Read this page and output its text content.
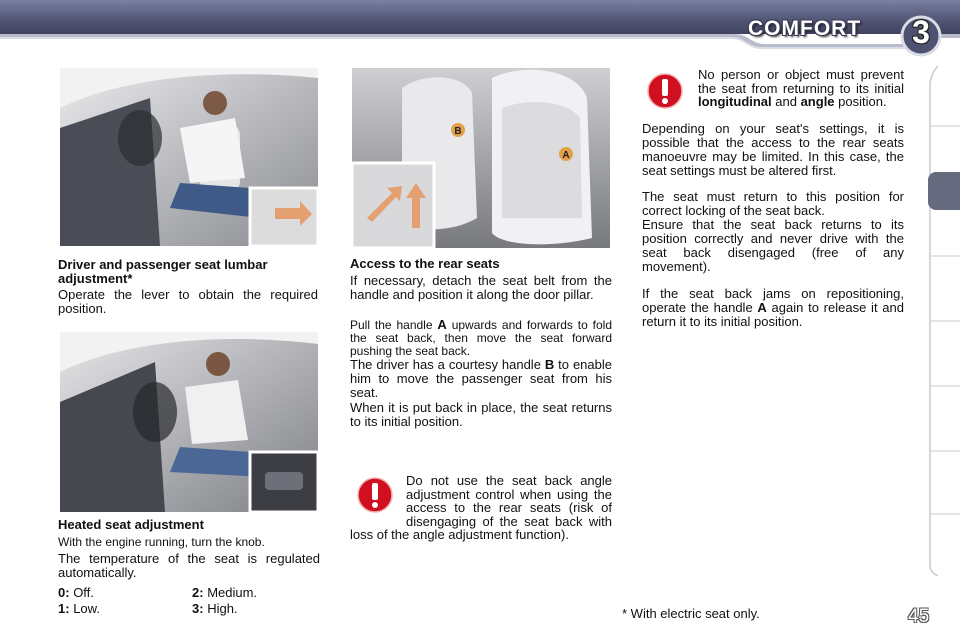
COMFORT	3
Driver and passenger seat lumbar adjustment*
Operate the lever to obtain the required position.
Heated seat adjustment
With the engine running, turn the knob.
The temperature of the seat is regulated automatically.
0: Off.
1: Low.
2: Medium.
3: High.
A
B
Access to the rear seats
If necessary, detach the seat belt from the handle and position it along the door pillar.
Pull the handle A upwards and forwards to fold the seat back, then move the seat forward pushing the seat back.
The driver has a courtesy handle B to enable him to move the passenger seat from his seat.
When it is put back in place, the seat returns to its initial position.
Do not use the seat back angle adjustment control when using the access to the rear seats (risk of disengaging of the seat back with loss of the angle adjustment function).
No person or object must prevent the seat from returning to its initial longitudinal and angle position.
Depending on your seat's settings, it is possible that the access to the rear seats manoeuvre may be limited. In this case, the seat settings must be altered first.
The seat must return to this position for correct locking of the seat back.
Ensure that the seat back returns to its position correctly and never drive with the seat back disengaged (free of any movement).
If the seat back jams on repositioning, operate the handle A again to release it and return it to its initial position.
* With electric seat only.	45
